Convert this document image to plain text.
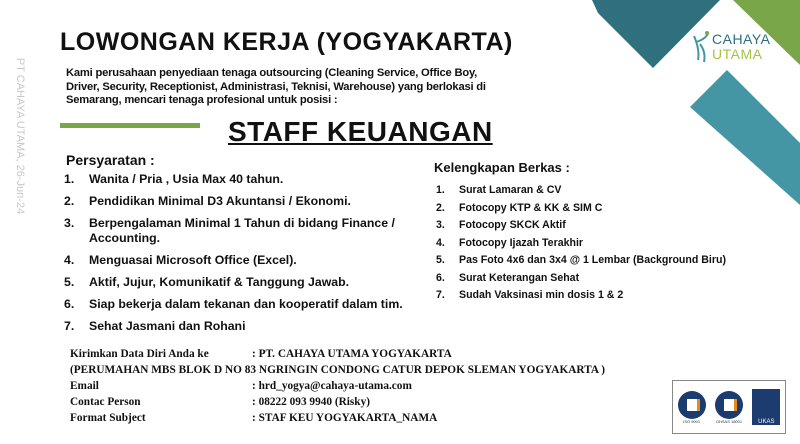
PT CAHAYA UTAMA, 26-Jun-24
CAHAYA
UTAMA
LOWONGAN KERJA (YOGYAKARTA)
Kami perusahaan penyediaan tenaga outsourcing (Cleaning Service, Office Boy, Driver, Security, Receptionist, Administrasi, Teknisi, Warehouse) yang berlokasi di Semarang, mencari tenaga profesional untuk posisi :
STAFF KEUANGAN
Persyaratan :
1.	Wanita / Pria , Usia Max 40 tahun.
2.	Pendidikan Minimal D3 Akuntansi / Ekonomi.
3.	Berpengalaman Minimal 1 Tahun di bidang Finance / Accounting.
4.	Menguasai Microsoft Office (Excel).
5.	Aktif, Jujur, Komunikatif & Tanggung Jawab.
6.	Siap bekerja dalam tekanan dan kooperatif dalam tim.
7.	Sehat Jasmani dan Rohani
Kelengkapan Berkas :
1.	Surat Lamaran & CV
2.	Fotocopy KTP & KK & SIM C
3.	Fotocopy SKCK Aktif
4.	Fotocopy Ijazah Terakhir
5.	Pas Foto 4x6 dan 3x4 @ 1 Lembar (Background Biru)
6.	Surat Keterangan Sehat
7.	Sudah Vaksinasi min dosis 1 & 2
Kirimkan Data Diri Anda ke	: PT. CAHAYA UTAMA YOGYAKARTA
(PERUMAHAN MBS BLOK D NO 83 NGRINGIN CONDONG CATUR DEPOK SLEMAN YOGYAKARTA )
Email	: hrd_yogya@cahaya-utama.com
Contac Person	: 08222 093 9940 (Risky)
Format Subject	: STAF KEU YOGYAKARTA_NAMA	ISO 9001	OHSAS 18001	UKAS
